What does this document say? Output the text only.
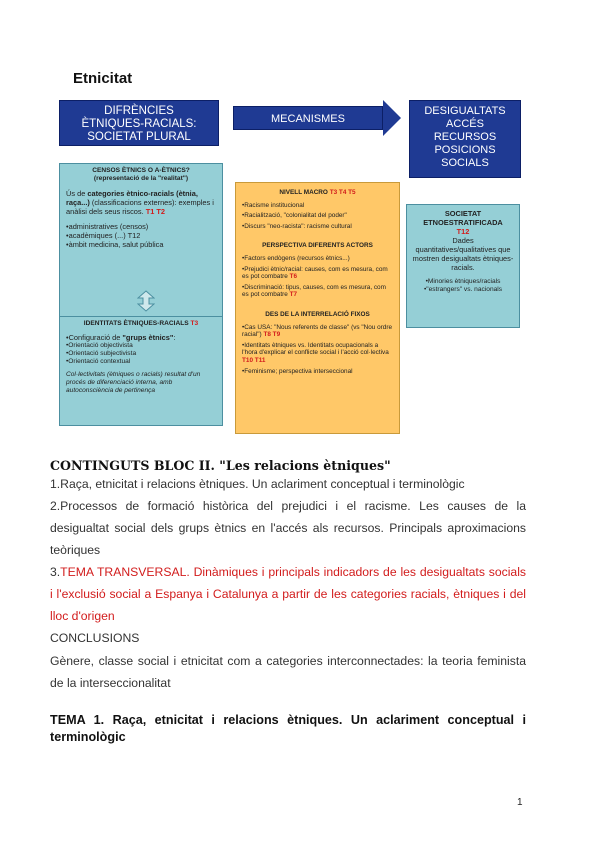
Etnicitat
DIFRÈNCIES
ÈTNIQUES-RACIALS:
SOCIETAT PLURAL
MECANISMES
DESIGUALTATS
ACCÉS
RECURSOS
POSICIONS
SOCIALS

CENSOS ÈTNICS O A-ÈTNICS?

(representació de la "realitat")

Ús de categories ètnico-racials (ètnia, raça...) (classificacions externes): exemples i anàlisi dels seus riscos. T1 T2

•administratives (censos)

•acadèmiques (...) T12

•àmbit medicina, salut pública

IDENTITATS ÈTNIQUES-RACIALS T3

•Configuració de "grups ètnics":

•Orientació objectivista

•Orientació subjectivista

•Orientació contextual

Col·lectivitats (ètniques o racials) resultat d'un procés de diferenciació interna, amb autoconsciència de pertinença

NIVELL MACRO T3 T4 T5

•Racisme institucional

•Racialització, "colonialitat del poder"

•Discurs "neo-racista": racisme cultural

PERSPECTIVA DIFERENTS ACTORS

•Factors endògens (recursos ètnics...)

•Prejudici ètnic/racial: causes, com es mesura, com es pot combatre T6

•Discriminació: tipus, causes, com es mesura, com es pot combatre T7

DES DE LA INTERRELACIÓ FIXOS

•Cas USA: "Nous referents de classe" (vs "Nou ordre racial") T8 T9

•Identitats ètniques vs. Identitats ocupacionals a l'hora d'explicar el conflicte social i l'acció col·lectiva T10 T11

•Feminisme; perspectiva interseccional

SOCIETAT ETNOESTRATIFICADA

T12

Dades quantitatives/qualitatives que mostren desigualtats ètniques-racials.

•Minories ètniques/racials

•"estrangers" vs. nacionals

CONTINGUTS BLOC II. "Les relacions ètniques"
1.Raça, etnicitat i relacions ètniques. Un aclariment conceptual i terminològic
2.Processos de formació històrica del prejudici i el racisme. Les causes de la desigualtat social dels grups ètnics en l'accés als recursos. Principals aproximacions teòriques
3.TEMA TRANSVERSAL. Dinàmiques i principals indicadors de les desigualtats socials i l'exclusió social a Espanya i Catalunya a partir de les categories racials, ètniques i del lloc d'origen
CONCLUSIONS
Gènere, classe social i etnicitat com a categories interconnectades: la teoria feminista de la interseccionalitat
TEMA 1. Raça, etnicitat i relacions ètniques. Un aclariment conceptual i terminològic
1
